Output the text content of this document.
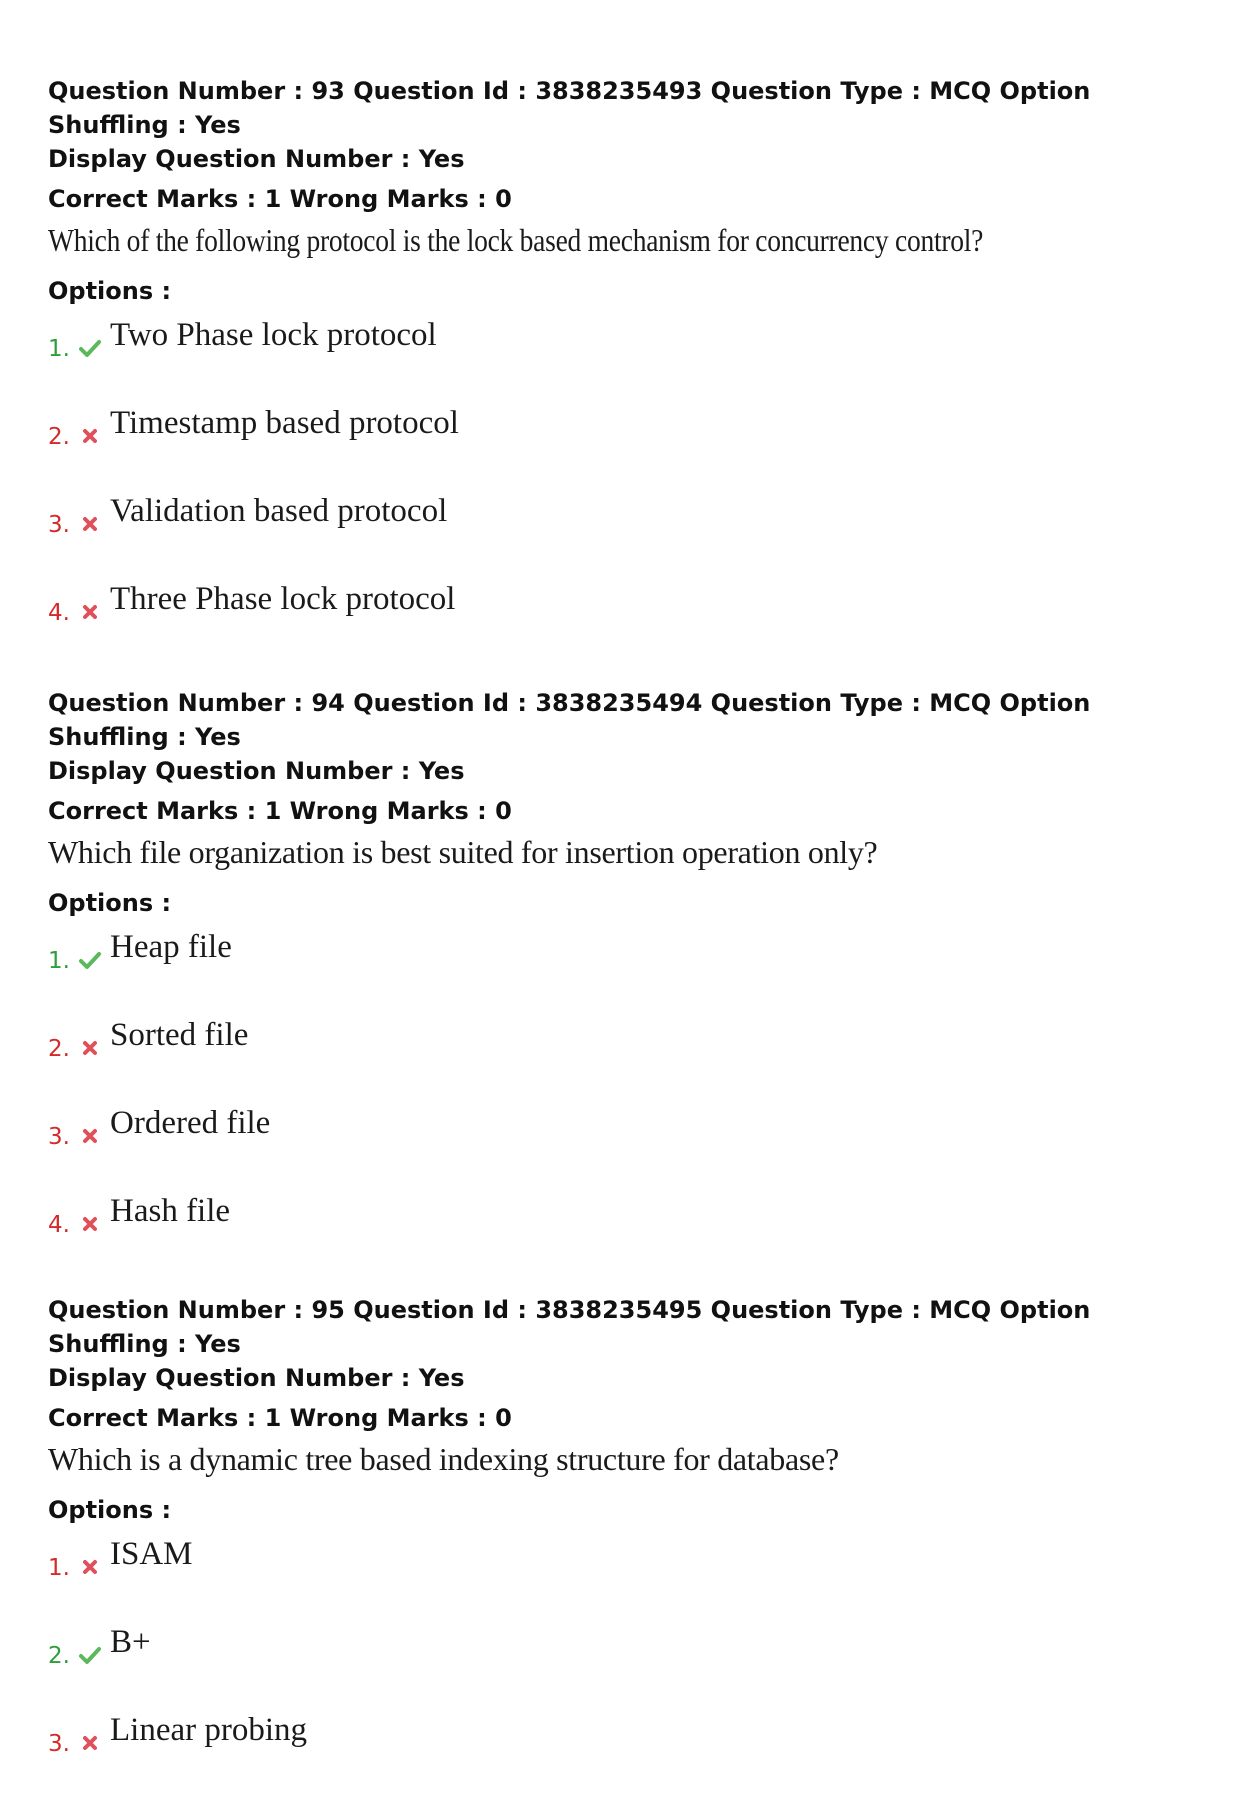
Question Number : 93 Question Id : 3838235493 Question Type : MCQ Option Shuffling : Yes
Display Question Number : Yes
Correct Marks : 1 Wrong Marks : 0
Which of the following protocol is the lock based mechanism for concurrency control?
Options :
1. Two Phase lock protocol
2. Timestamp based protocol
3. Validation based protocol
4. Three Phase lock protocol
Question Number : 94 Question Id : 3838235494 Question Type : MCQ Option Shuffling : Yes
Display Question Number : Yes
Correct Marks : 1 Wrong Marks : 0
Which file organization is best suited for insertion operation only?
Options :
1. Heap file
2. Sorted file
3. Ordered file
4. Hash file
Question Number : 95 Question Id : 3838235495 Question Type : MCQ Option Shuffling : Yes
Display Question Number : Yes
Correct Marks : 1 Wrong Marks : 0
Which is a dynamic tree based indexing structure for database?
Options :
1. ISAM
2. B+
3. Linear probing
